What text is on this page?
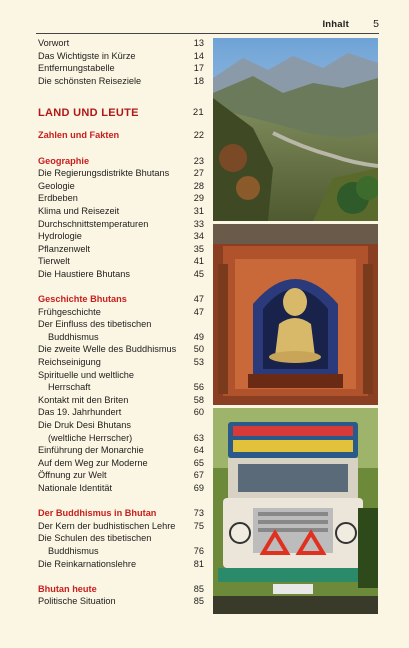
Inhalt 5
Vorwort	13
Das Wichtigste in Kürze	14
Entfernungstabelle	17
Die schönsten Reiseziele	18
LAND UND LEUTE	21
Zahlen und Fakten	22
Geographie	23
Die Regierungsdistrikte Bhutans	27
Geologie	28
Erdbeben	29
Klima und Reisezeit	31
Durchschnittstemperaturen	33
Hydrologie	34
Pflanzenwelt	35
Tierwelt	41
Die Haustiere Bhutans	45
Geschichte Bhutans	47
Frühgeschichte	47
Der Einfluss des tibetischen
Buddhismus	49
Die zweite Welle des Buddhismus 50
Reichseinigung	53
Spirituelle und weltliche
Herrschaft	56
Kontakt mit den Briten	58
Das 19. Jahrhundert	60
Die Druk Desi Bhutans
(weltliche Herrscher)	63
Einführung der Monarchie	64
Auf dem Weg zur Moderne	65
Öffnung zur Welt	67
Nationale Identität	69
Der Buddhismus in Bhutan	73
Der Kern der budhistischen Lehre 75
Die Schulen des tibetischen
Buddhismus	76
Die Reinkarnationslehre	81
Bhutan heute	85
Politische Situation	85
